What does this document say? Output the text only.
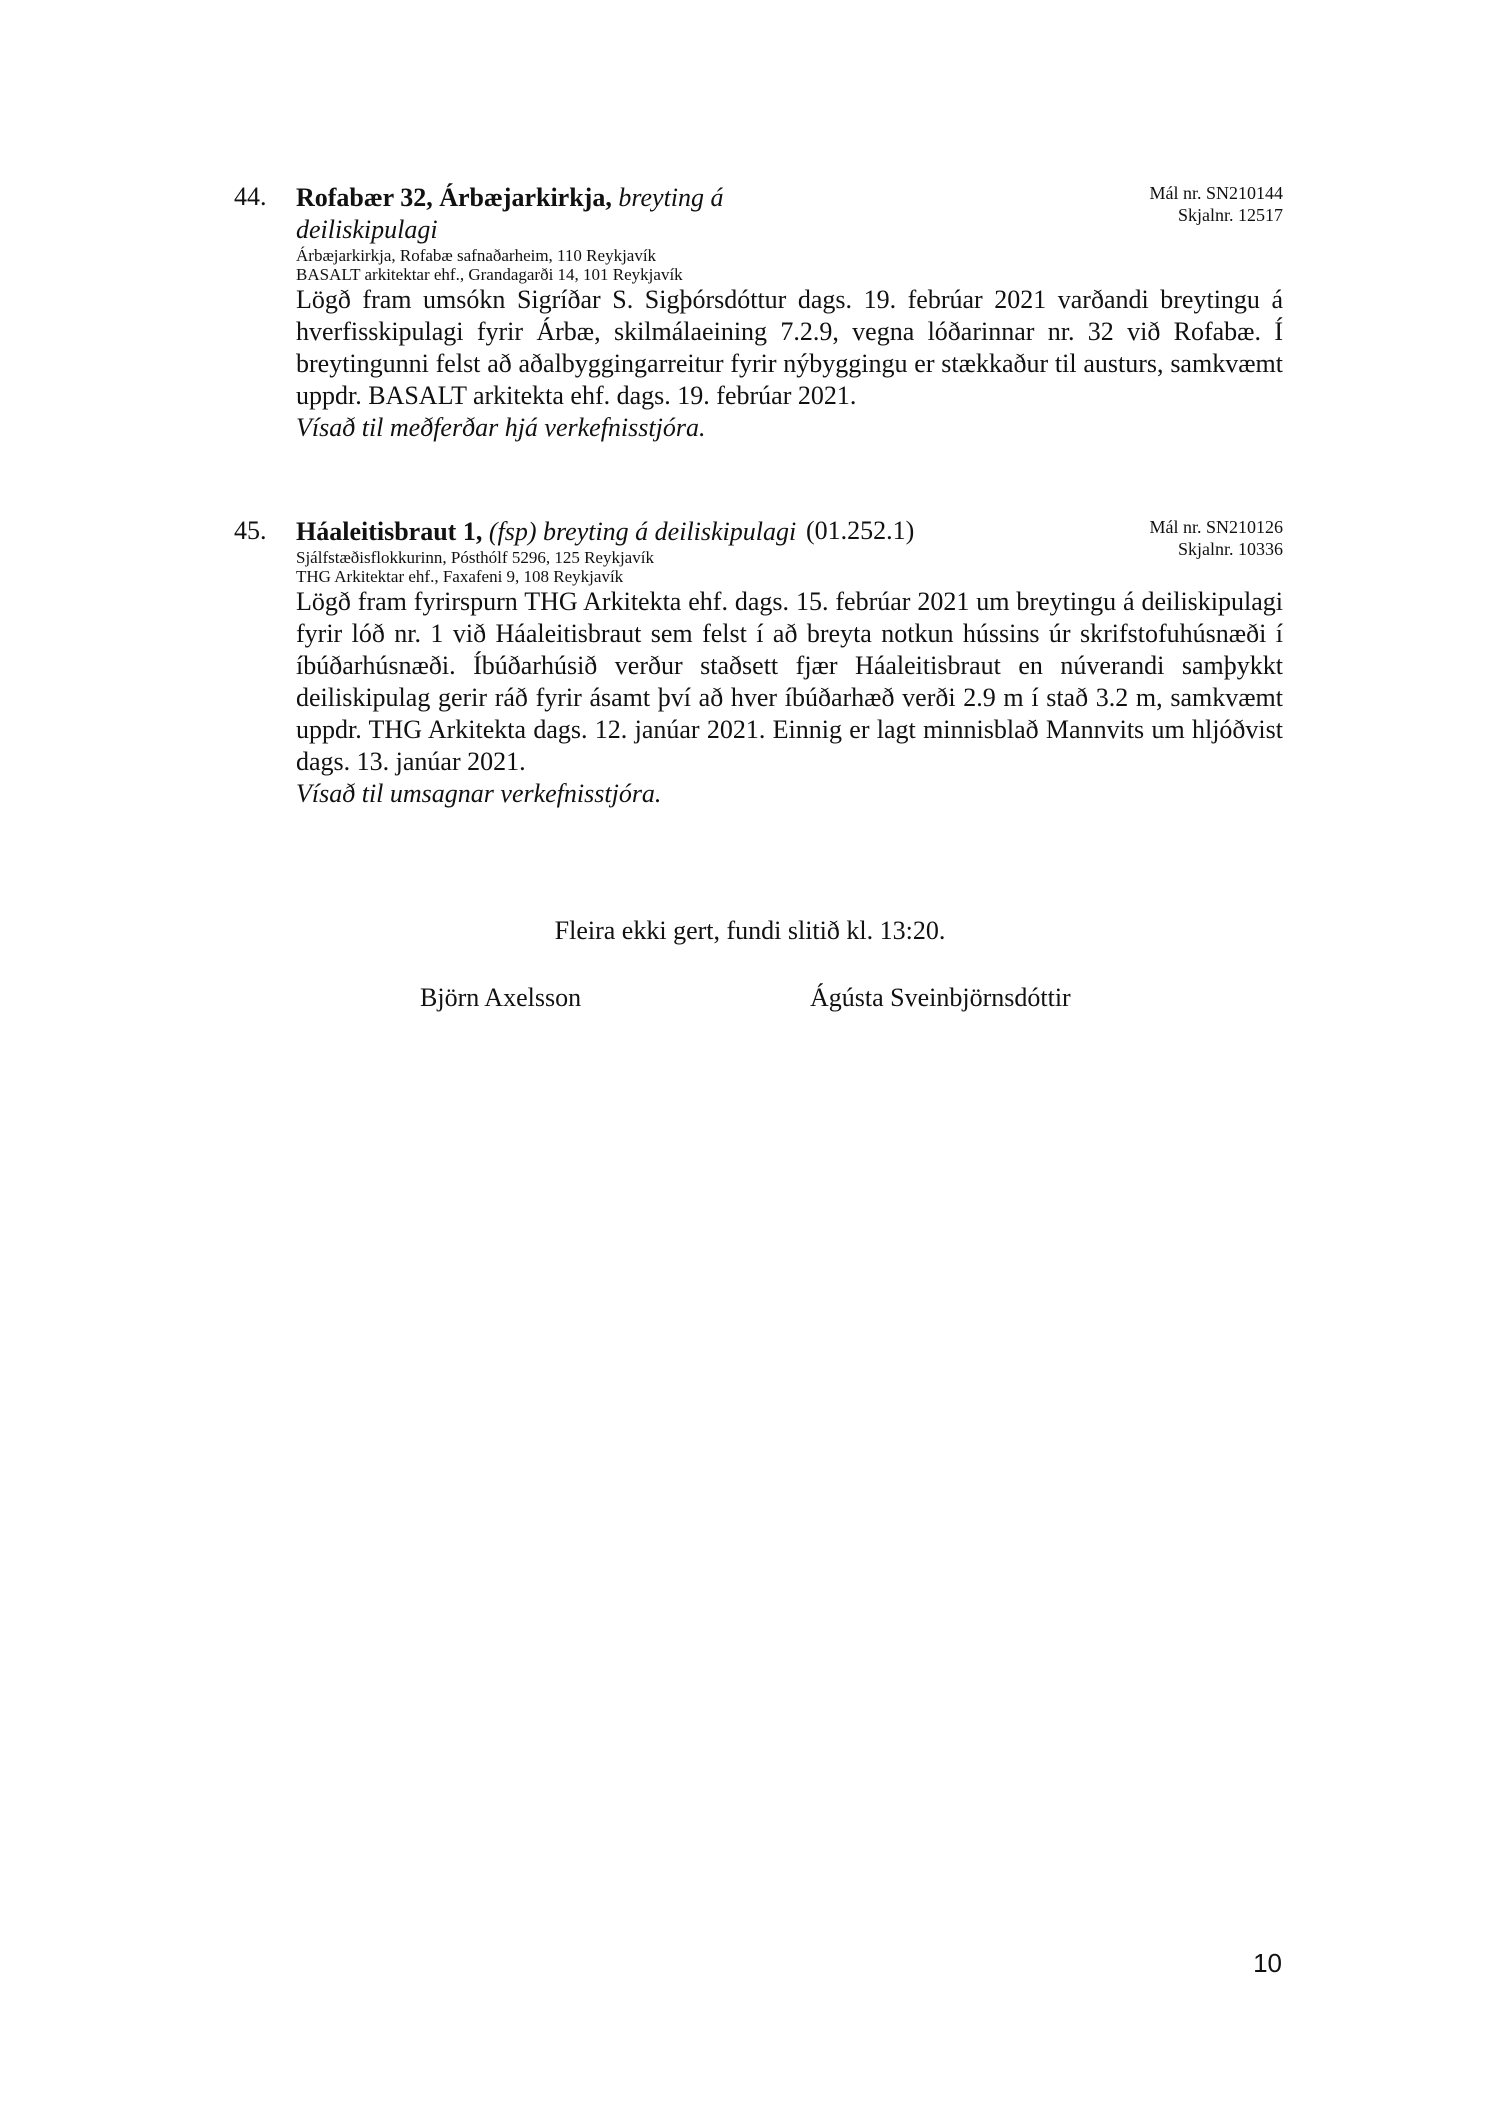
44. Rofabær 32, Árbæjarkirkja, breyting á deiliskipulagi
Árbæjarkirkja, Rofabæ safnaðarheim, 110 Reykjavík
BASALT arkitektar ehf., Grandagarði 14, 101 Reykjavík

Lögð fram umsókn Sigríðar S. Sigþórsdóttur dags. 19. febrúar 2021 varðandi breytingu á hverfisskipulagi fyrir Árbæ, skilmálaeining 7.2.9, vegna lóðarinnar nr. 32 við Rofabæ. Í breytingunni felst að aðalbyggingarreitur fyrir nýbyggingu er stækkaður til austurs, samkvæmt uppdr. BASALT arkitekta ehf. dags. 19. febrúar 2021.

Vísað til meðferðar hjá verkefnisstjóra.
Mál nr. SN210144
Skjalnr. 12517
45. Háaleitisbraut 1, (fsp) breyting á deiliskipulagi
Sjálfstæðisflokkurinn, Pósthólf 5296, 125 Reykjavík
THG Arkitektar ehf., Faxafeni 9, 108 Reykjavík

Lögð fram fyrirspurn THG Arkitekta ehf. dags. 15. febrúar 2021 um breytingu á deiliskipulagi fyrir lóð nr. 1 við Háaleitisbraut sem felst í að breyta notkun hússins úr skrifstofuhúsnæði í íbúðarhúsnæði. Íbúðarhúsið verður staðsett fjær Háaleitisbraut en núverandi samþykkt deiliskipulag gerir ráð fyrir ásamt því að hver íbúðarhæð verði 2.9 m í stað 3.2 m, samkvæmt uppdr. THG Arkitekta dags. 12. janúar 2021. Einnig er lagt minnisblað Mannvits um hljóðvist dags. 13. janúar 2021.

Vísað til umsagnar verkefnisstjóra.
(01.252.1)	Mál nr. SN210126
Skjalnr. 10336
Fleira ekki gert, fundi slitið kl. 13:20.
Björn Axelsson	Ágústa Sveinbjörnsdóttir
10
